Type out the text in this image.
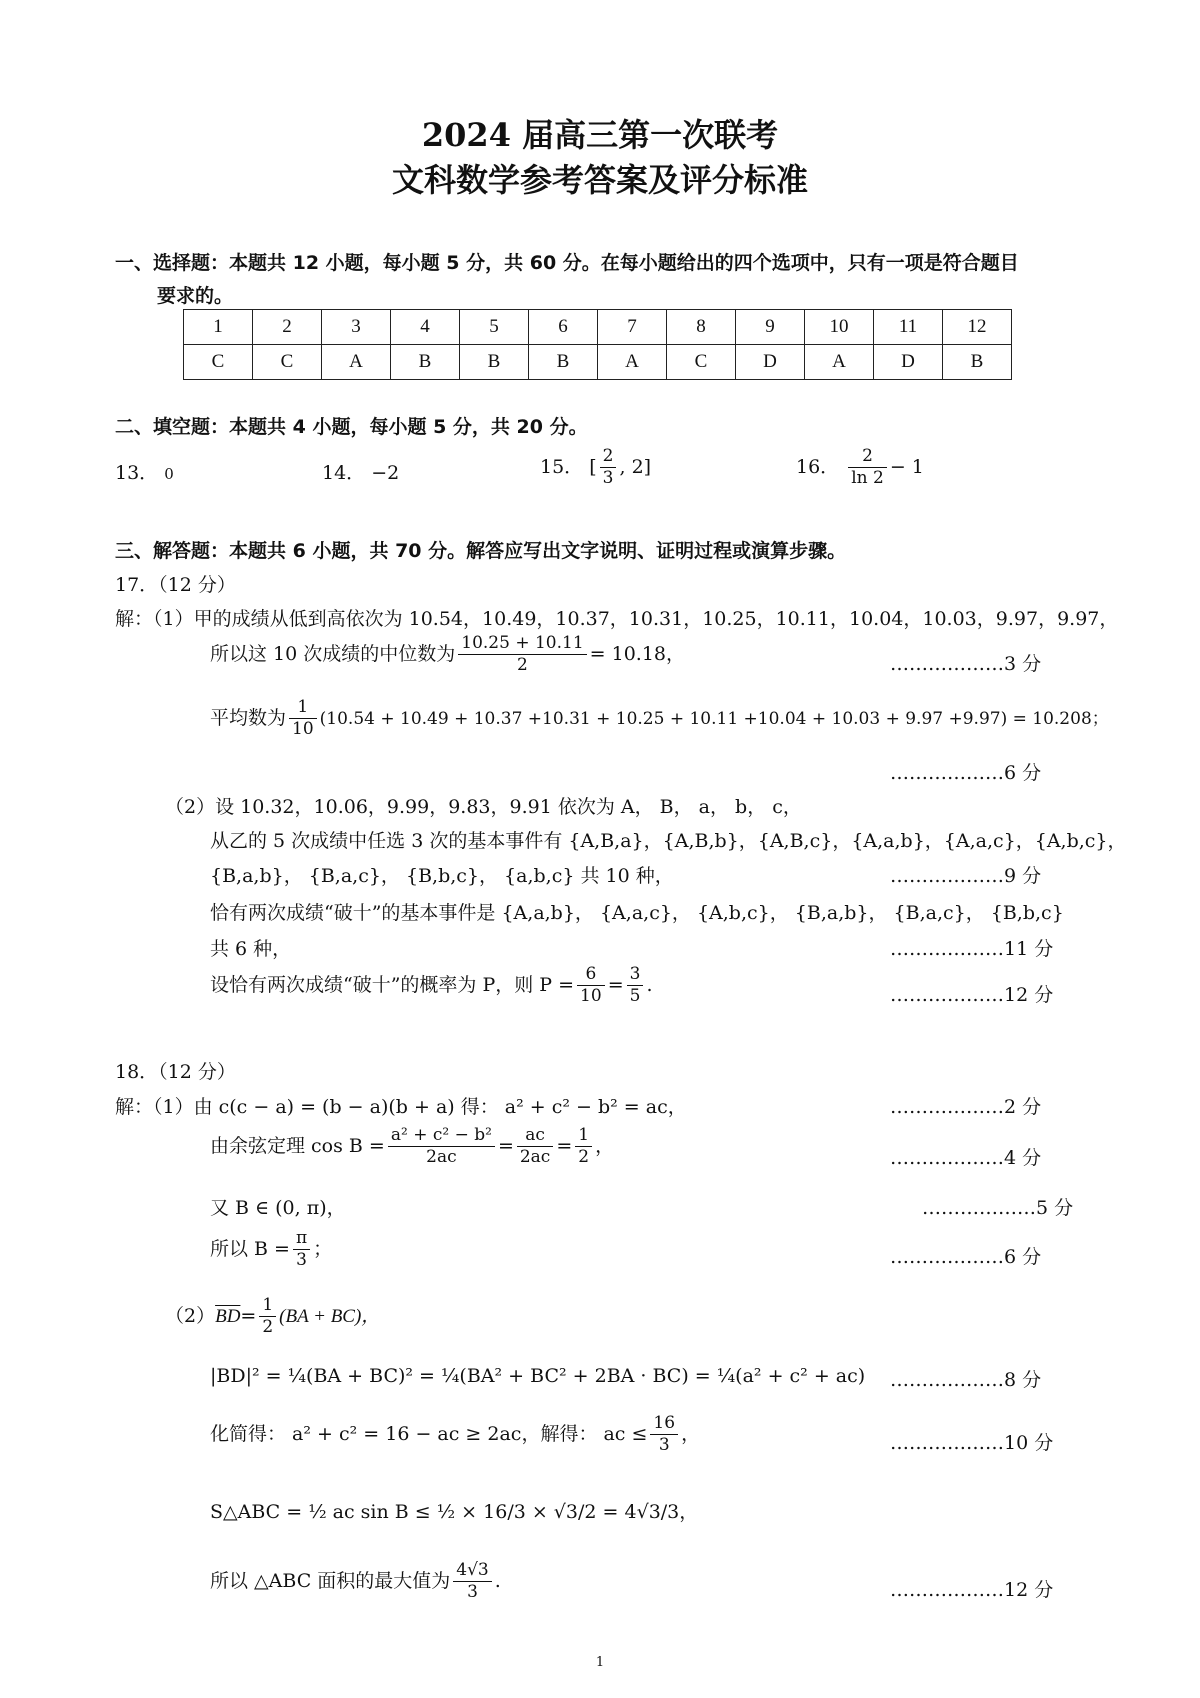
2024 届高三第一次联考
文科数学参考答案及评分标准
一、选择题：本题共 12 小题，每小题 5 分，共 60 分。在每小题给出的四个选项中，只有一项是符合题目
要求的。
1	2	3	4	5	6	7	8	9	10	11	12
C	C	A	B	B	B	A	C	D	A	D	B
二、填空题：本题共 4 小题，每小题 5 分，共 20 分。
13． 0	14． −2	15． [ $\frac{2}{3}$ , 2]	16． $\frac{2}{\ln 2} - 1$
三、解答题：本题共 6 小题，共 70 分。解答应写出文字说明、证明过程或演算步骤。
17．（12 分）
解：（1）甲的成绩从低到高依次为 10.54，10.49，10.37，10.31，10.25，10.11，10.04，10.03，9.97，9.97，
所以这 10 次成绩的中位数为 $\frac{10.25 + 10.11}{2} = 10.18$，	………………3 分
平均数为 $\frac{1}{10} (10.54 + 10.49 + 10.37 +10.31 + 10.25 + 10.11 +10.04 + 10.03 + 9.97 +9.97) = 10.208$；
………………6 分
（2）设 10.32，10.06，9.99，9.83，9.91 依次为 A， B， a， b， c，
从乙的 5 次成绩中任选 3 次的基本事件有 {A,B,a}，{A,B,b}，{A,B,c}，{A,a,b}，{A,a,c}，{A,b,c}，
{B,a,b}， {B,a,c}， {B,b,c}， {a,b,c} 共 10 种，	………………9 分
恰有两次成绩“破十”的基本事件是 {A,a,b}， {A,a,c}， {A,b,c}， {B,a,b}， {B,a,c}， {B,b,c}
共 6 种，	………………11 分
设恰有两次成绩“破十”的概率为 P，则 $P = \frac{6}{10} = \frac{3}{5}$ .	………………12 分
18．（12 分）
解：（1）由 c(c − a) = (b − a)(b + a) 得： a² + c² − b² = ac，	………………2 分
由余弦定理 $\cos B = \frac{\text{a² + c² − b²}}{2ac} = \frac{ac}{2ac} = \frac{1}{2}$ ，
………………4 分
又 B ∈ (0, π)，	………………5 分
所以 $B = \frac{\pi}{3}$ ；	………………6 分
$(2)\overline{BD}= \frac{1}{2} (BA + BC)$，
|BD|² = ¼(BA + BC)² = ¼(BA² + BC² + 2BA · BC) = ¼(a² + c² + ac) ………………8 分
化简得： a² + c² = 16 − ac ≥ 2ac，解得： ac ≤ $\frac{16}{3}$ ，	………………10 分
S△ABC = ½ ac sin B ≤ ½ × 16/3 × √3/2 = 4√3/3，
所以 △ABC 面积的最大值为 $\frac{4√3}{3}$ .	………………12 分
1
